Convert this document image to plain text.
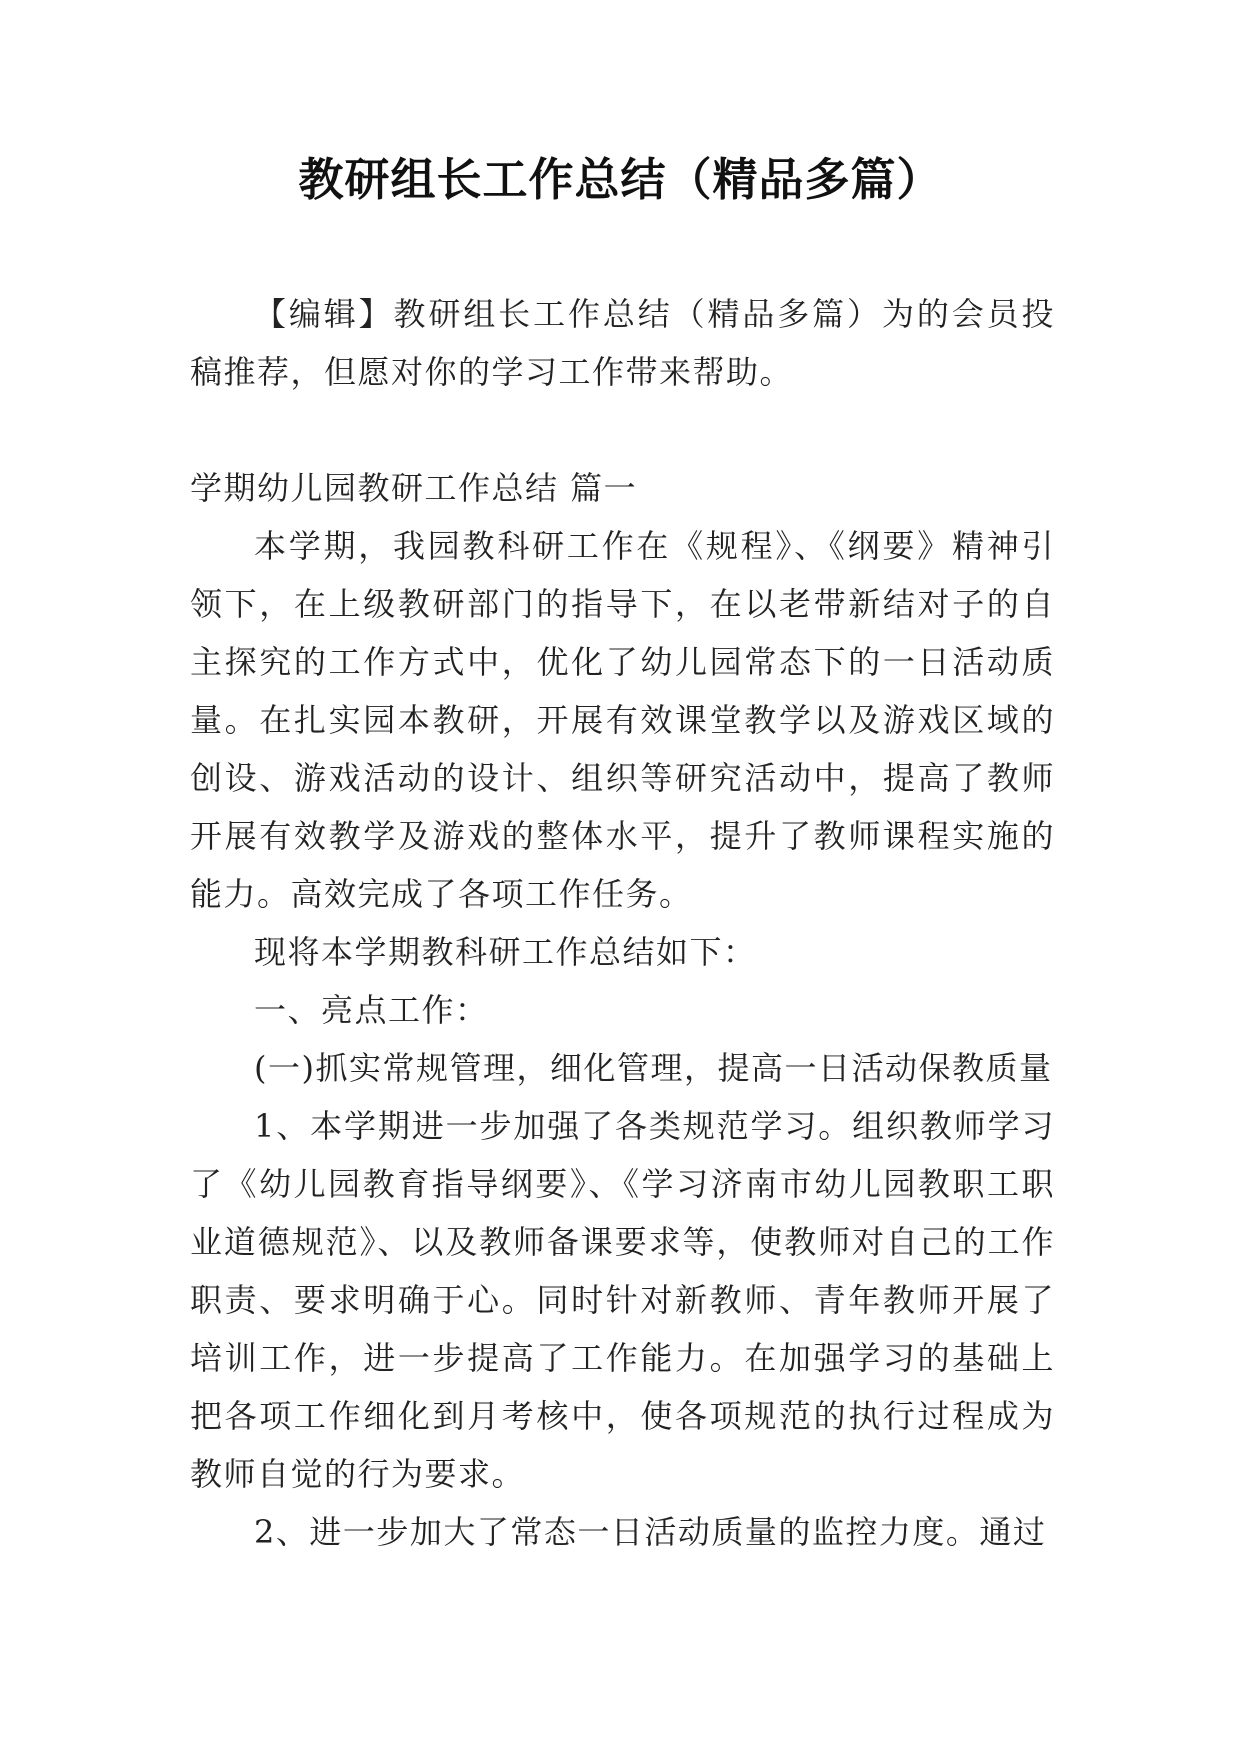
教研组长工作总结（精品多篇）

【编辑】教研组长工作总结（精品多篇）为的会员投稿推荐，但愿对你的学习工作带来帮助。

学期幼儿园教研工作总结 篇一

本学期，我园教科研工作在《规程》、《纲要》精神引领下，在上级教研部门的指导下，在以老带新结对子的自主探究的工作方式中，优化了幼儿园常态下的一日活动质量。在扎实园本教研，开展有效课堂教学以及游戏区域的创设、游戏活动的设计、组织等研究活动中，提高了教师开展有效教学及游戏的整体水平，提升了教师课程实施的能力。高效完成了各项工作任务。

现将本学期教科研工作总结如下：

一、亮点工作：

(一)抓实常规管理，细化管理，提高一日活动保教质量

1、本学期进一步加强了各类规范学习。组织教师学习了《幼儿园教育指导纲要》、《学习济南市幼儿园教职工职业道德规范》、以及教师备课要求等，使教师对自己的工作职责、要求明确于心。同时针对新教师、青年教师开展了培训工作，进一步提高了工作能力。在加强学习的基础上把各项工作细化到月考核中，使各项规范的执行过程成为教师自觉的行为要求。

2、进一步加大了常态一日活动质量的监控力度。通过
